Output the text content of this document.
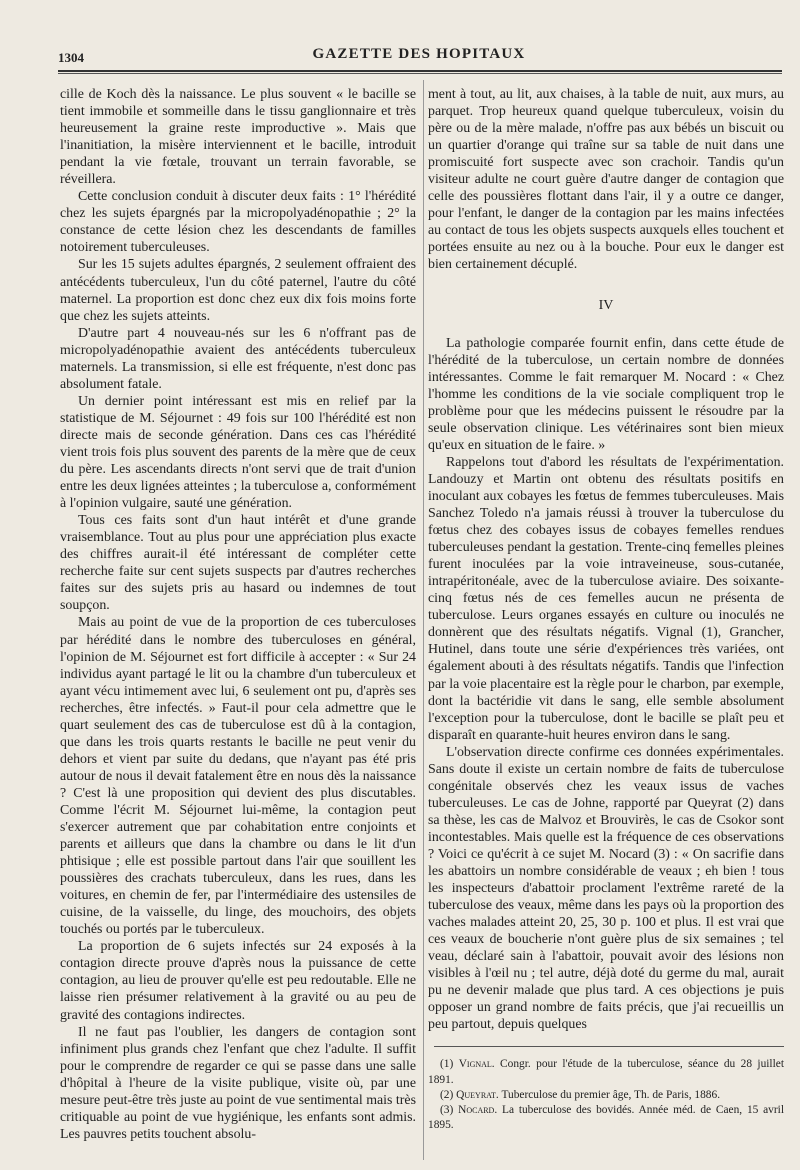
1304	GAZETTE DES HOPITAUX

cille de Koch dès la naissance. Le plus souvent « le bacille se tient immobile et sommeille dans le tissu ganglionnaire et très heureusement la graine reste improductive ». Mais que l'inanitiation, la misère interviennent et le bacille, introduit pendant la vie fœtale, trouvant un terrain favorable, se réveillera.

Cette conclusion conduit à discuter deux faits : 1° l'hérédité chez les sujets épargnés par la micropolyadénopathie ; 2° la constance de cette lésion chez les descendants de familles notoirement tuberculeuses.

Sur les 15 sujets adultes épargnés, 2 seulement offraient des antécédents tuberculeux, l'un du côté paternel, l'autre du côté maternel. La proportion est donc chez eux dix fois moins forte que chez les sujets atteints.

D'autre part 4 nouveau-nés sur les 6 n'offrant pas de micropolyadénopathie avaient des antécédents tuberculeux maternels. La transmission, si elle est fréquente, n'est donc pas absolument fatale.

Un dernier point intéressant est mis en relief par la statistique de M. Séjournet : 49 fois sur 100 l'hérédité est non directe mais de seconde génération. Dans ces cas l'hérédité vient trois fois plus souvent des parents de la mère que de ceux du père. Les ascendants directs n'ont servi que de trait d'union entre les deux lignées atteintes ; la tuberculose a, conformément à l'opinion vulgaire, sauté une génération.

Tous ces faits sont d'un haut intérêt et d'une grande vraisemblance. Tout au plus pour une appréciation plus exacte des chiffres aurait-il été intéressant de compléter cette recherche faite sur cent sujets suspects par d'autres recherches faites sur des sujets pris au hasard ou indemnes de tout soupçon.

Mais au point de vue de la proportion de ces tuberculoses par hérédité dans le nombre des tuberculoses en général, l'opinion de M. Séjournet est fort difficile à accepter : « Sur 24 individus ayant partagé le lit ou la chambre d'un tuberculeux et ayant vécu intimement avec lui, 6 seulement ont pu, d'après ses recherches, être infectés. » Faut-il pour cela admettre que le quart seulement des cas de tuberculose est dû à la contagion, que dans les trois quarts restants le bacille ne peut venir du dehors et vient par suite du dedans, que n'ayant pas été pris autour de nous il devait fatalement être en nous dès la naissance ? C'est là une proposition qui devient des plus discutables. Comme l'écrit M. Séjournet lui-même, la contagion peut s'exercer autrement que par cohabitation entre conjoints et parents et ailleurs que dans la chambre ou dans le lit d'un phtisique ; elle est possible partout dans l'air que souillent les poussières des crachats tuberculeux, dans les rues, dans les voitures, en chemin de fer, par l'intermédiaire des ustensiles de cuisine, de la vaisselle, du linge, des mouchoirs, des objets touchés ou portés par le tuberculeux.

La proportion de 6 sujets infectés sur 24 exposés à la contagion directe prouve d'après nous la puissance de cette contagion, au lieu de prouver qu'elle est peu redoutable. Elle ne laisse rien présumer relativement à la gravité ou au peu de gravité des contagions indirectes.

Il ne faut pas l'oublier, les dangers de contagion sont infiniment plus grands chez l'enfant que chez l'adulte. Il suffit pour le comprendre de regarder ce qui se passe dans une salle d'hôpital à l'heure de la visite publique, visite où, par une mesure peut-être très juste au point de vue sentimental mais très critiquable au point de vue hygiénique, les enfants sont admis. Les pauvres petits touchent absolu-

ment à tout, au lit, aux chaises, à la table de nuit, aux murs, au parquet. Trop heureux quand quelque tuberculeux, voisin du père ou de la mère malade, n'offre pas aux bébés un biscuit ou un quartier d'orange qui traîne sur sa table de nuit dans une promiscuité fort suspecte avec son crachoir. Tandis qu'un visiteur adulte ne court guère d'autre danger de contagion que celle des poussières flottant dans l'air, il y a outre ce danger, pour l'enfant, le danger de la contagion par les mains infectées au contact de tous les objets suspects auxquels elles touchent et portées ensuite au nez ou à la bouche. Pour eux le danger est bien certainement décuplé.

IV

La pathologie comparée fournit enfin, dans cette étude de l'hérédité de la tuberculose, un certain nombre de données intéressantes. Comme le fait remarquer M. Nocard : « Chez l'homme les conditions de la vie sociale compliquent trop le problème pour que les médecins puissent le résoudre par la seule observation clinique. Les vétérinaires sont bien mieux qu'eux en situation de le faire. »

Rappelons tout d'abord les résultats de l'expérimentation. Landouzy et Martin ont obtenu des résultats positifs en inoculant aux cobayes les fœtus de femmes tuberculeuses. Mais Sanchez Toledo n'a jamais réussi à trouver la tuberculose du fœtus chez des cobayes issus de cobayes femelles rendues tuberculeuses pendant la gestation. Trente-cinq femelles pleines furent inoculées par la voie intraveineuse, sous-cutanée, intrapéritonéale, avec de la tuberculose aviaire. Des soixante-cinq fœtus nés de ces femelles aucun ne présenta de tuberculose. Leurs organes essayés en culture ou inoculés ne donnèrent que des résultats négatifs. Vignal (1), Grancher, Hutinel, dans toute une série d'expériences très variées, ont également abouti à des résultats négatifs. Tandis que l'infection par la voie placentaire est la règle pour le charbon, par exemple, dont la bactéridie vit dans le sang, elle semble absolument l'exception pour la tuberculose, dont le bacille se plaît peu et disparaît en quarante-huit heures environ dans le sang.

L'observation directe confirme ces données expérimentales. Sans doute il existe un certain nombre de faits de tuberculose congénitale observés chez les veaux issus de vaches tuberculeuses. Le cas de Johne, rapporté par Queyrat (2) dans sa thèse, les cas de Malvoz et Brouvirès, le cas de Csokor sont incontestables. Mais quelle est la fréquence de ces observations ? Voici ce qu'écrit à ce sujet M. Nocard (3) : « On sacrifie dans les abattoirs un nombre considérable de veaux ; eh bien ! tous les inspecteurs d'abattoir proclament l'extrême rareté de la tuberculose des veaux, même dans les pays où la proportion des vaches malades atteint 20, 25, 30 p. 100 et plus. Il est vrai que ces veaux de boucherie n'ont guère plus de six semaines ; tel veau, déclaré sain à l'abattoir, pouvait avoir des lésions non visibles à l'œil nu ; tel autre, déjà doté du germe du mal, aurait pu ne devenir malade que plus tard. A ces objections je puis opposer un grand nombre de faits précis, que j'ai recueillis un peu partout, depuis quelques

(1) Vignal. Congr. pour l'étude de la tuberculose, séance du 28 juillet 1891.

(2) Queyrat. Tuberculose du premier âge, Th. de Paris, 1886.

(3) Nocard. La tuberculose des bovidés. Année méd. de Caen, 15 avril 1895.
